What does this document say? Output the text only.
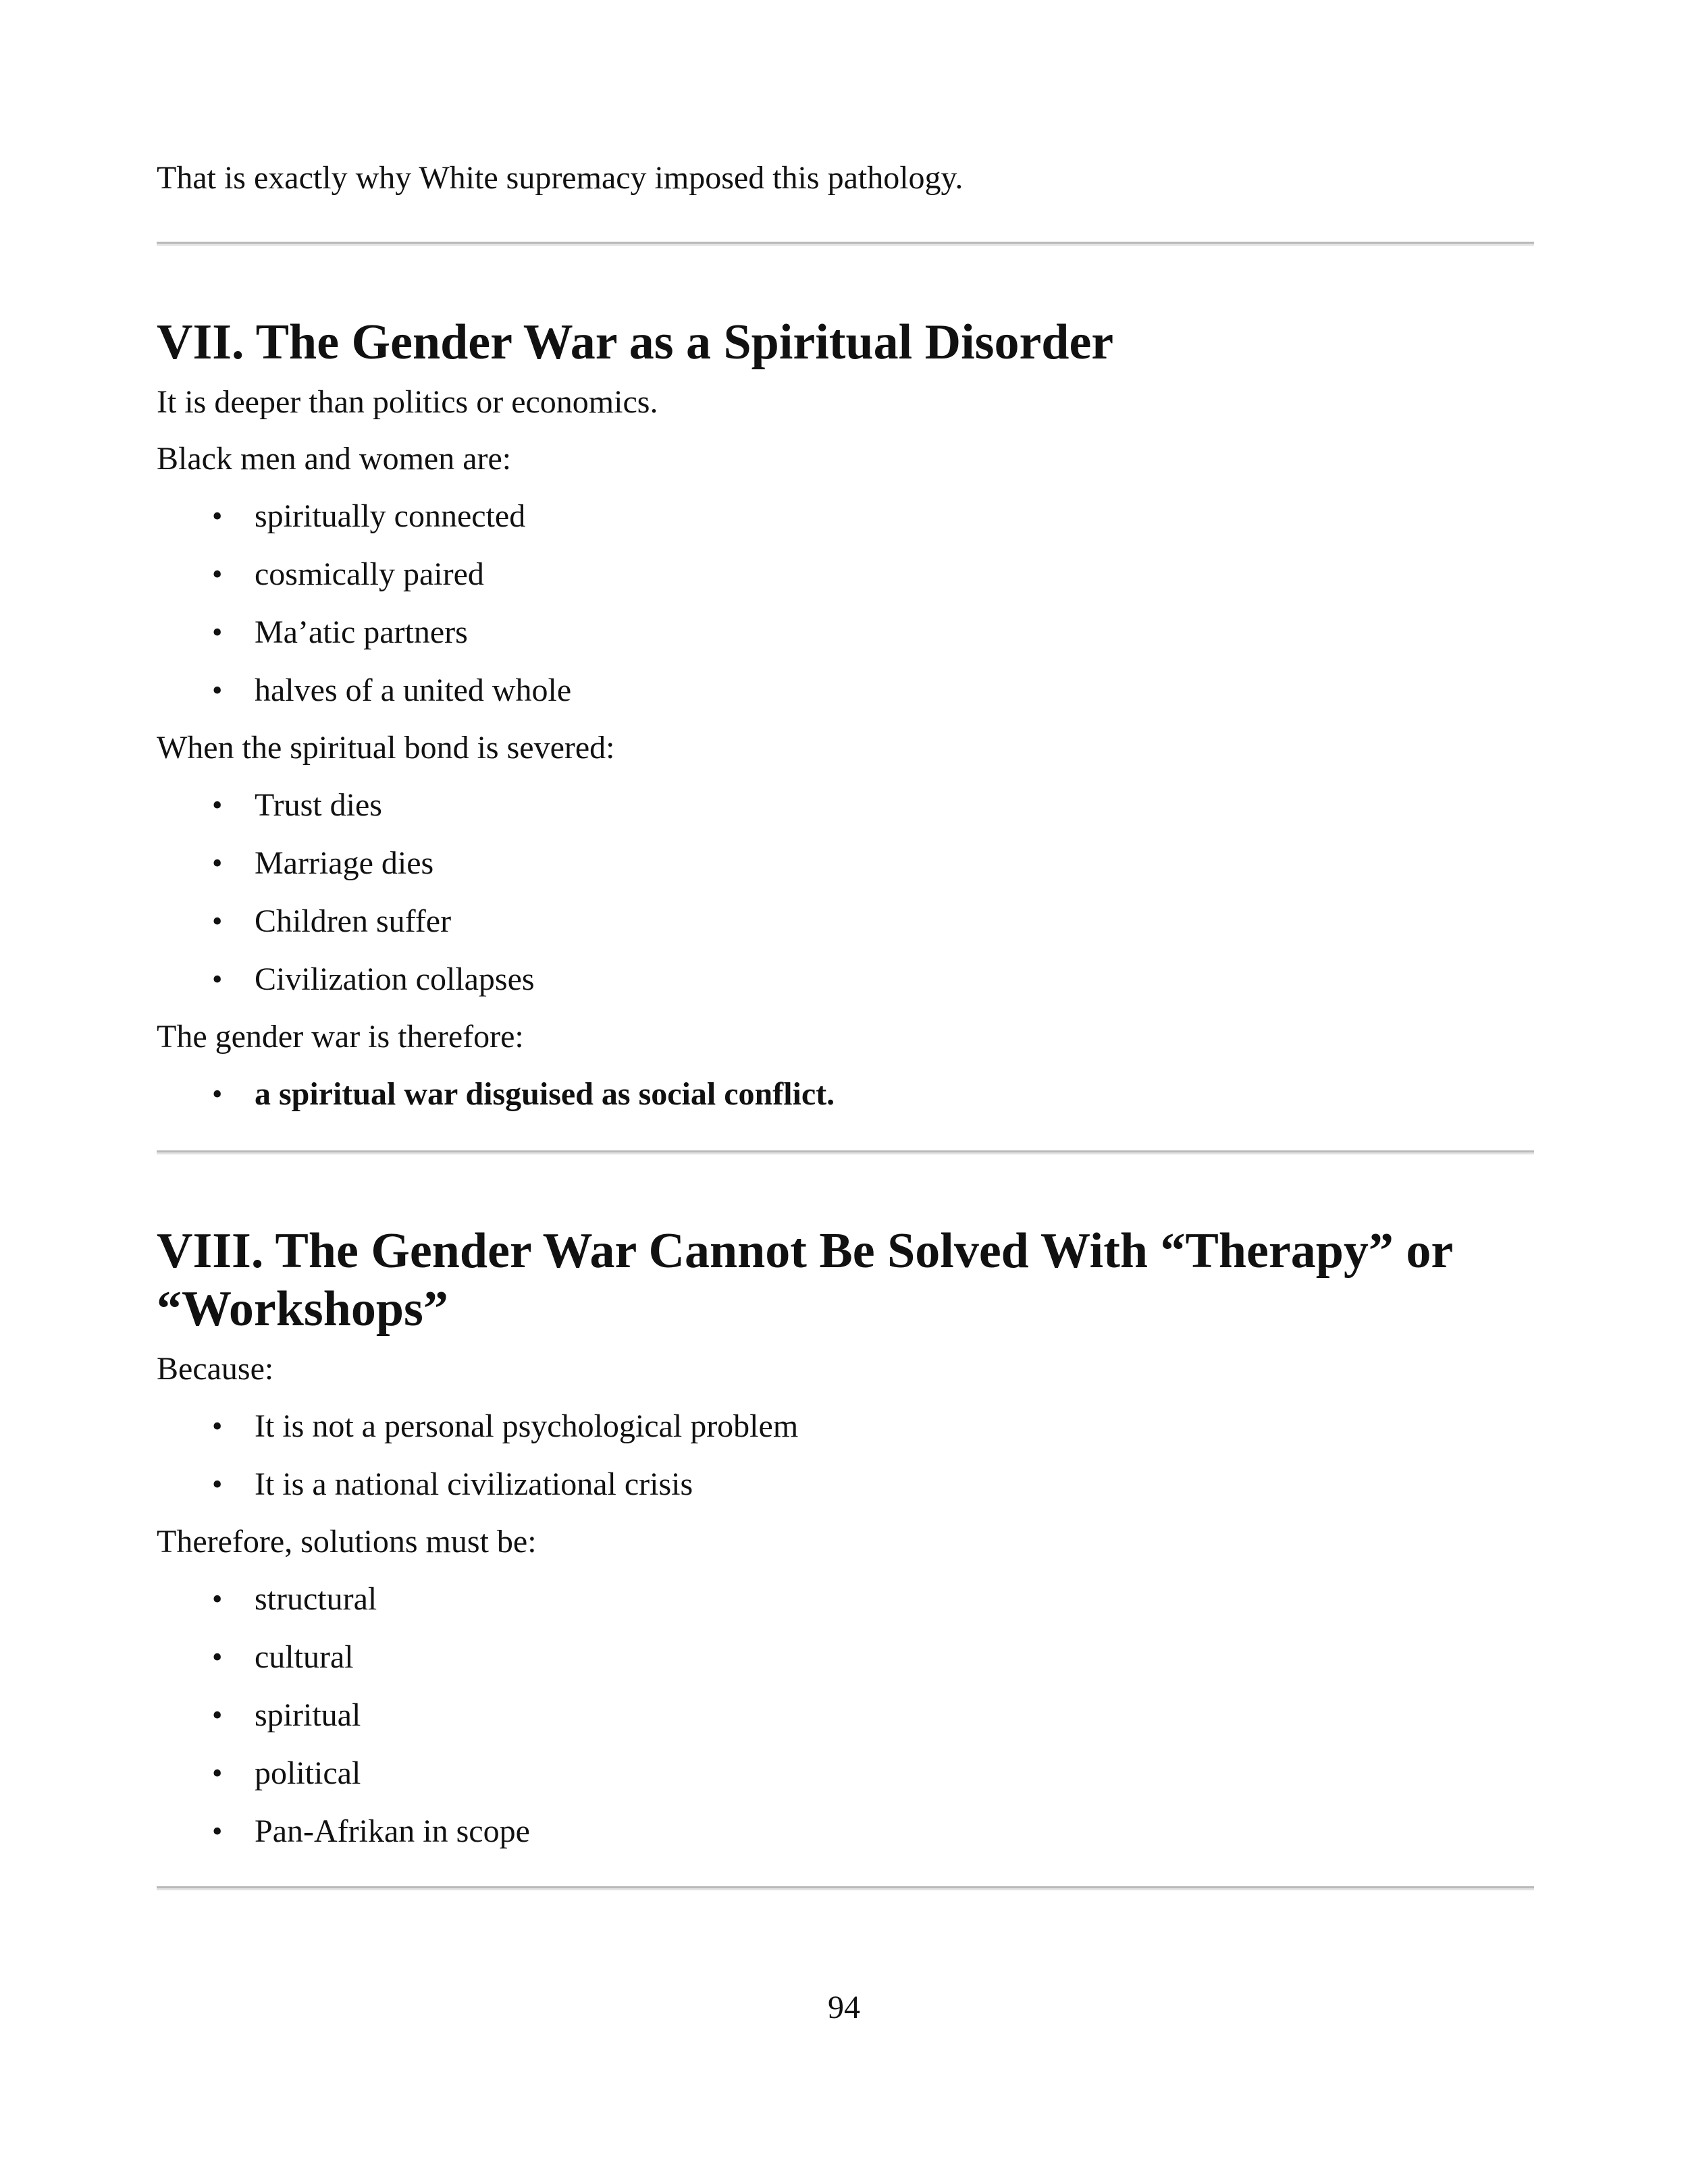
That is exactly why White supremacy imposed this pathology.

VII. The Gender War as a Spiritual Disorder

It is deeper than politics or economics.

Black men and women are:

• spiritually connected
• cosmically paired
• Ma’atic partners
• halves of a united whole

When the spiritual bond is severed:

• Trust dies
• Marriage dies
• Children suffer
• Civilization collapses

The gender war is therefore:

• a spiritual war disguised as social conflict.
VIII. The Gender War Cannot Be Solved With “Therapy” or
“Workshops”

Because:

• It is not a personal psychological problem
• It is a national civilizational crisis

Therefore, solutions must be:

• structural
• cultural
• spiritual
• political
• Pan-Afrikan in scope
94
